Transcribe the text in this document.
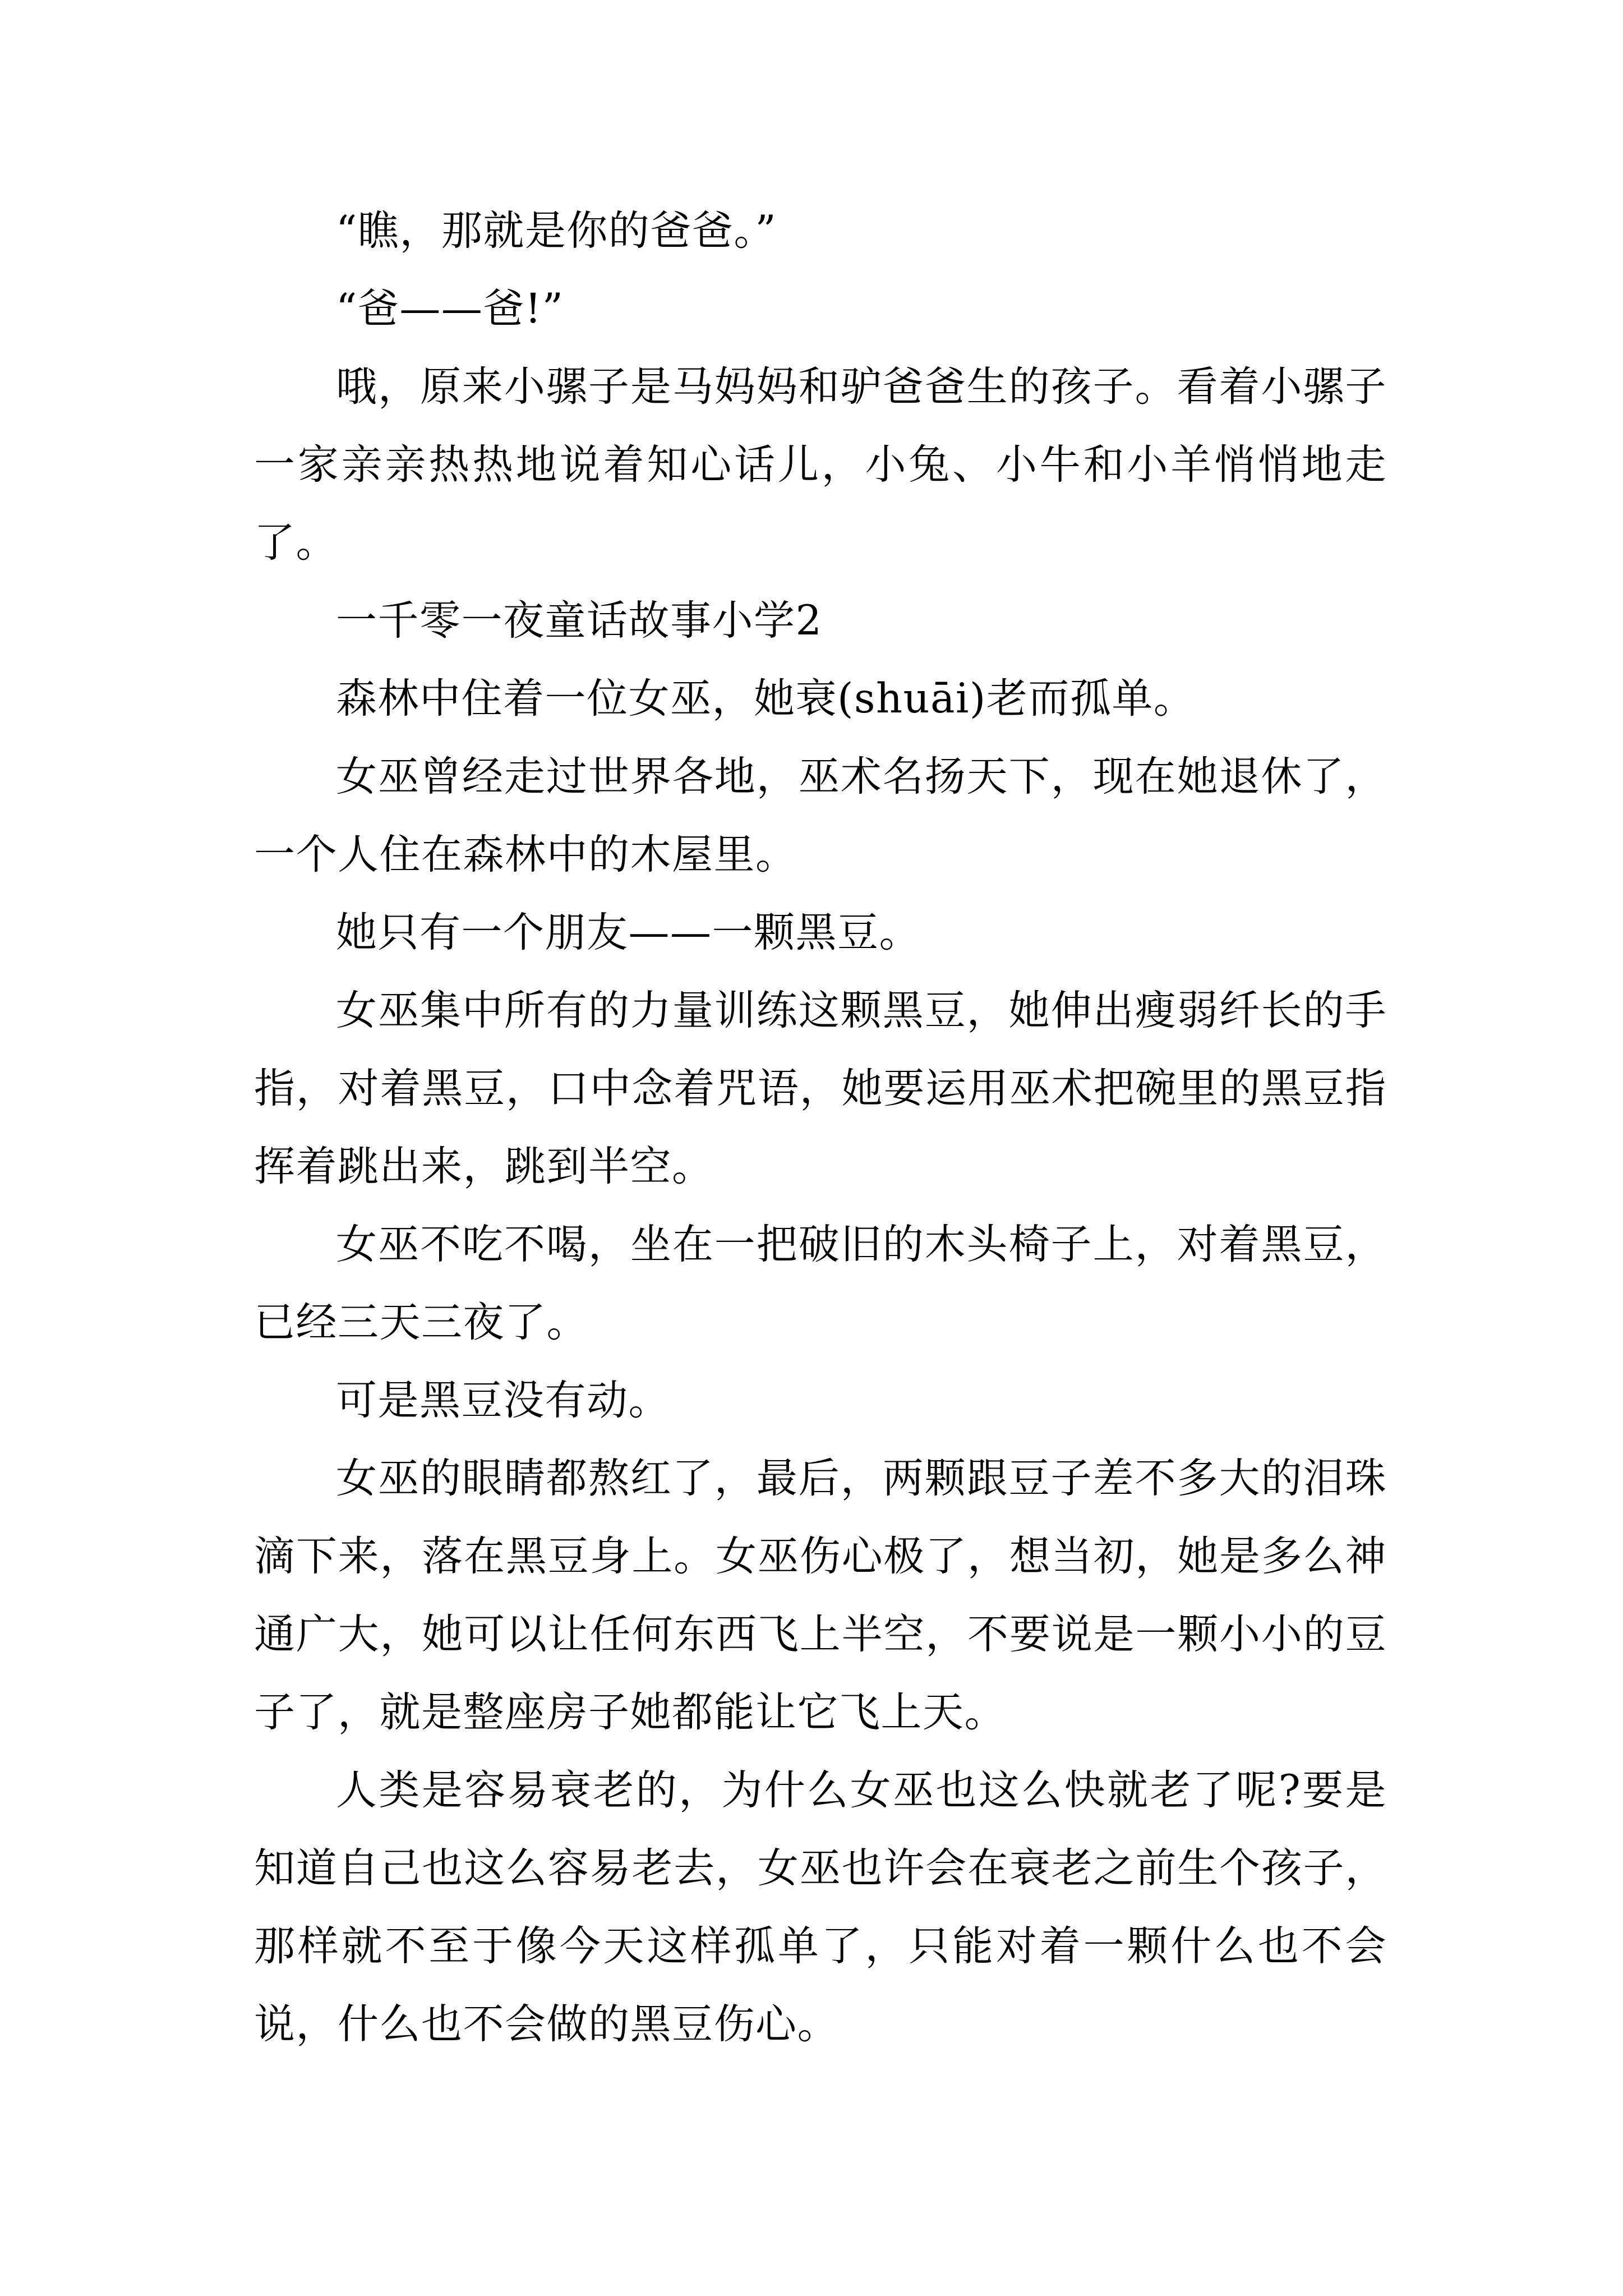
“瞧，那就是你的爸爸。”

“爸——爸!”

哦，原来小骡子是马妈妈和驴爸爸生的孩子。看着小骡子一家亲亲热热地说着知心话儿，小兔、小牛和小羊悄悄地走了。

一千零一夜童话故事小学2

森林中住着一位女巫，她衰(shuāi)老而孤单。

女巫曾经走过世界各地，巫术名扬天下，现在她退休了，一个人住在森林中的木屋里。

她只有一个朋友——一颗黑豆。

女巫集中所有的力量训练这颗黑豆，她伸出瘦弱纤长的手指，对着黑豆，口中念着咒语，她要运用巫术把碗里的黑豆指挥着跳出来，跳到半空。

女巫不吃不喝，坐在一把破旧的木头椅子上，对着黑豆，已经三天三夜了。

可是黑豆没有动。

女巫的眼睛都熬红了，最后，两颗跟豆子差不多大的泪珠滴下来，落在黑豆身上。女巫伤心极了，想当初，她是多么神通广大，她可以让任何东西飞上半空，不要说是一颗小小的豆子了，就是整座房子她都能让它飞上天。

人类是容易衰老的，为什么女巫也这么快就老了呢?要是知道自己也这么容易老去，女巫也许会在衰老之前生个孩子，那样就不至于像今天这样孤单了，只能对着一颗什么也不会说，什么也不会做的黑豆伤心。
